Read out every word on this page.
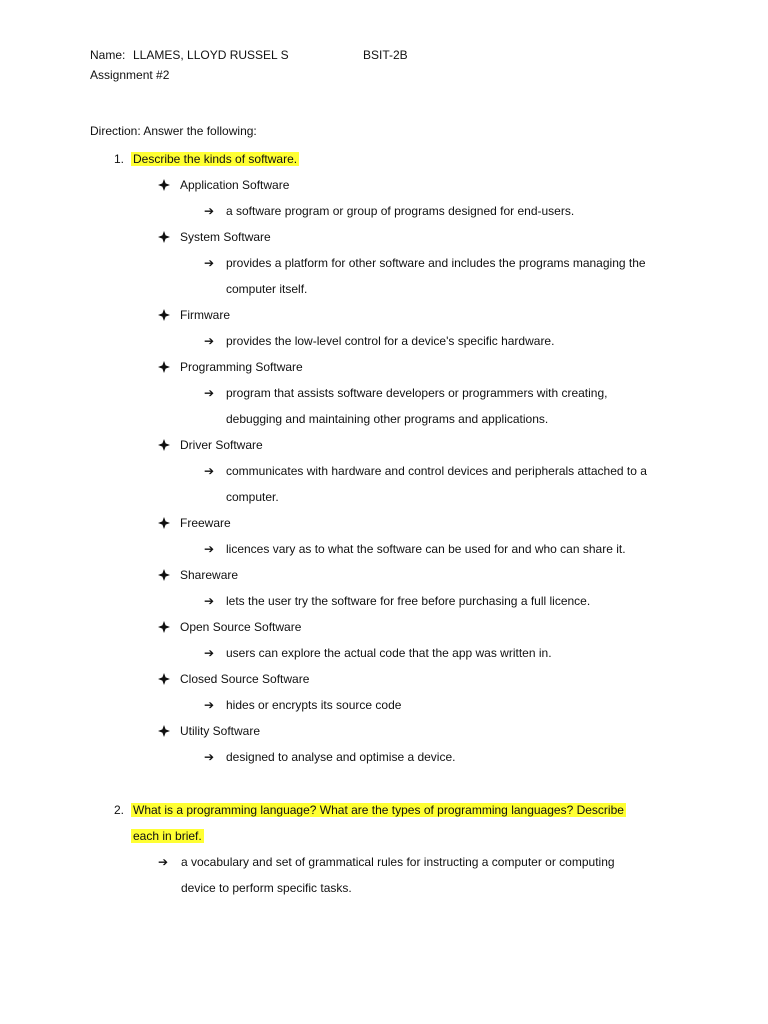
Name: LLAMES, LLOYD RUSSEL S	BSIT-2B
Assignment #2
Direction: Answer the following:
1. Describe the kinds of software.
Application Software
➔ a software program or group of programs designed for end-users.
System Software
➔ provides a platform for other software and includes the programs managing the
computer itself.
Firmware
➔ provides the low-level control for a device's specific hardware.
Programming Software
➔ program that assists software developers or programmers with creating,
debugging and maintaining other programs and applications.
Driver Software
➔ communicates with hardware and control devices and peripherals attached to a
computer.
Freeware
➔ licences vary as to what the software can be used for and who can share it.
Shareware
➔ lets the user try the software for free before purchasing a full licence.
Open Source Software
➔ users can explore the actual code that the app was written in.
Closed Source Software
➔ hides or encrypts its source code
Utility Software
➔ designed to analyse and optimise a device.
2. What is a programming language? What are the types of programming languages? Describe
each in brief.
➔ a vocabulary and set of grammatical rules for instructing a computer or computing
device to perform specific tasks.
